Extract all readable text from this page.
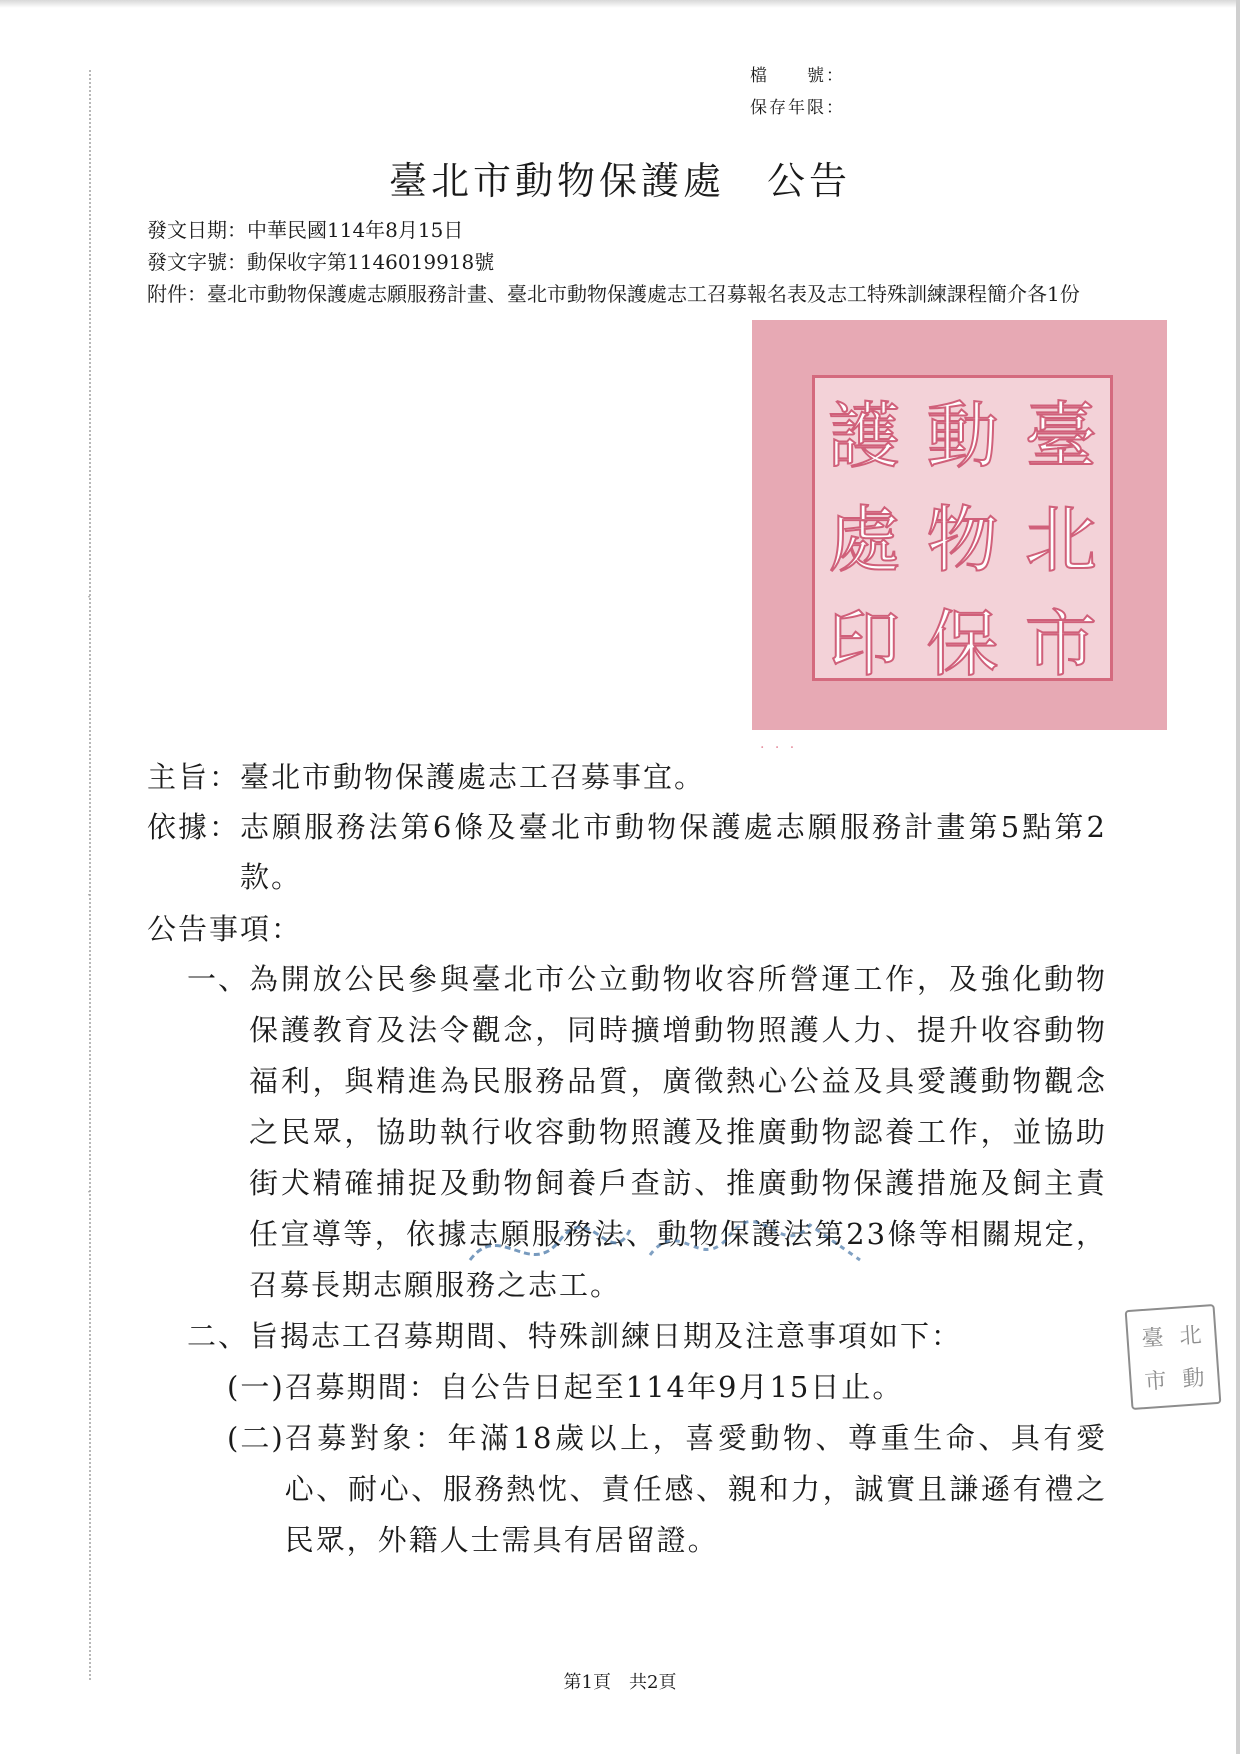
·
·
·
檔　　號：
保存年限：
臺北市動物保護處　公告
發文日期：中華民國114年8月15日
發文字號：動保收字第1146019918號
附件： 臺北市動物保護處志願服務計畫、臺北市動物保護處志工召募報名表及志工特殊訓練課程簡介各1份
臺
北
市
動
物
保
護
處
印
· · ·
主旨： 臺北市動物保護處志工召募事宜。
依據： 志願服務法第6條及臺北市動物保護處志願服務計畫第5點第2款。
公告事項：
一、 為開放公民參與臺北市公立動物收容所營運工作，及強化動物保護教育及法令觀念，同時擴增動物照護人力、提升收容動物福利，與精進為民服務品質，廣徵熱心公益及具愛護動物觀念之民眾，協助執行收容動物照護及推廣動物認養工作，並協助街犬精確捕捉及動物飼養戶查訪、推廣動物保護措施及飼主責任宣導等，依據志願服務法、動物保護法第23條等相關規定，召募長期志願服務之志工。
二、 旨揭志工召募期間、特殊訓練日期及注意事項如下：
(一) 召募期間：自公告日起至114年9月15日止。
(二) 召募對象：年滿18歲以上，喜愛動物、尊重生命、具有愛心、耐心、服務熱忱、責任感、親和力，誠實且謙遜有禮之民眾，外籍人士需具有居留證。
臺 北
市 動
第1頁　共2頁
